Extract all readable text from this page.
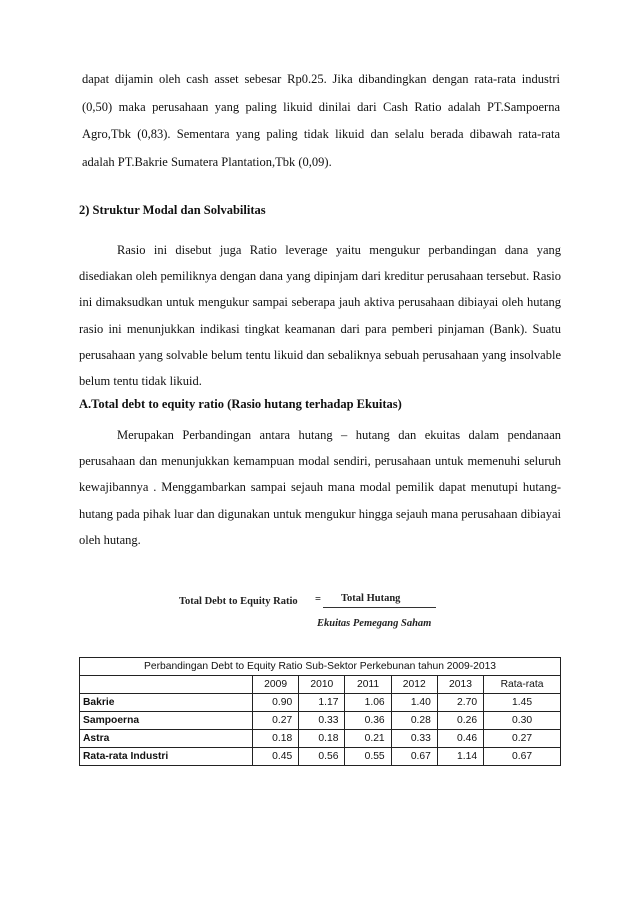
dapat dijamin oleh cash asset sebesar Rp0.25. Jika dibandingkan dengan rata-rata industri (0,50) maka perusahaan yang paling likuid dinilai dari Cash Ratio adalah PT.Sampoerna Agro,Tbk (0,83). Sementara yang paling tidak likuid dan selalu berada dibawah rata-rata adalah PT.Bakrie Sumatera Plantation,Tbk (0,09).

2) Struktur Modal dan Solvabilitas

Rasio ini disebut juga Ratio leverage yaitu mengukur perbandingan dana yang disediakan oleh pemiliknya dengan dana yang dipinjam dari kreditur perusahaan tersebut. Rasio ini dimaksudkan untuk mengukur sampai seberapa jauh aktiva perusahaan dibiayai oleh hutang rasio ini menunjukkan indikasi tingkat keamanan dari para pemberi pinjaman (Bank). Suatu perusahaan yang solvable belum tentu likuid dan sebaliknya sebuah perusahaan yang insolvable belum tentu tidak likuid.

A.Total debt to equity ratio (Rasio hutang terhadap Ekuitas)

Merupakan Perbandingan antara hutang – hutang dan ekuitas dalam pendanaan perusahaan dan menunjukkan kemampuan modal sendiri, perusahaan untuk memenuhi seluruh kewajibannya . Menggambarkan sampai sejauh mana modal pemilik dapat menutupi hutang-hutang pada pihak luar dan digunakan untuk mengukur hingga sejauh mana perusahaan dibiayai oleh hutang.

Total Debt to Equity Ratio = Total Hutang
Ekuitas Pemegang Saham
Perbandingan Debt to Equity Ratio Sub-Sektor Perkebunan tahun 2009-2013						
	2009	2010	2011	2012	2013	Rata-rata
Bakrie	0.90	1.17	1.06	1.40	2.70	1.45
Sampoerna	0.27	0.33	0.36	0.28	0.26	0.30
Astra	0.18	0.18	0.21	0.33	0.46	0.27
Rata-rata Industri	0.45	0.56	0.55	0.67	1.14	0.67
